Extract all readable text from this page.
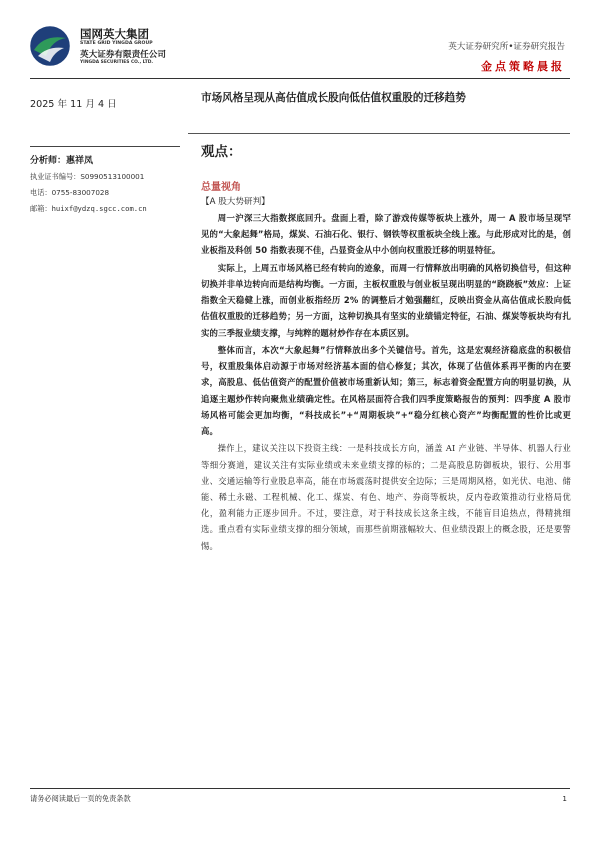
国网英大集团
STATE GRID YINGDA GROUP
英大证券有限责任公司
YINGDA SECURITIES CO., LTD.
英大证券研究所•证券研究报告
金点策略晨报
2025 年 11 月 4 日
市场风格呈现从高估值成长股向低估值权重股的迁移趋势
分析师：惠祥凤
执业证书编号：S0990513100001
电话：0755-83007028
邮箱：huixf@ydzq.sgcc.com.cn
观点：
总量视角
【A 股大势研判】

周一沪深三大指数探底回升。盘面上看，除了游戏传媒等板块上涨外，周一 A 股市场呈现罕见的“大象起舞”格局，煤炭、石油石化、银行、钢铁等权重板块全线上涨。与此形成对比的是，创业板指及科创 50 指数表现不佳，凸显资金从中小创向权重股迁移的明显特征。

实际上，上周五市场风格已经有转向的迹象，而周一行情释放出明确的风格切换信号，但这种切换并非单边转向而是结构均衡。一方面，主板权重股与创业板呈现出明显的“跷跷板”效应：上证指数全天稳健上涨，而创业板指经历 2% 的调整后才勉强翻红，反映出资金从高估值成长股向低估值权重股的迁移趋势；另一方面，这种切换具有坚实的业绩锚定特征，石油、煤炭等板块均有扎实的三季报业绩支撑，与纯粹的题材炒作存在本质区别。

整体而言，本次“大象起舞”行情释放出多个关键信号。首先，这是宏观经济稳底盘的积极信号，权重股集体启动源于市场对经济基本面的信心修复；其次，体现了估值体系再平衡的内在要求，高股息、低估值资产的配置价值被市场重新认知；第三，标志着资金配置方向的明显切换，从追逐主题炒作转向聚焦业绩确定性。在风格层面符合我们四季度策略报告的预判：四季度 A 股市场风格可能会更加均衡，“科技成长”+“周期板块”+“稳分红核心资产”均衡配置的性价比或更高。

操作上，建议关注以下投资主线：一是科技成长方向，涵盖 AI 产业链、半导体、机器人行业等细分赛道，建议关注有实际业绩或未来业绩支撑的标的；二是高股息防御板块，银行、公用事业、交通运输等行业股息率高，能在市场震荡时提供安全边际；三是周期风格，如光伏、电池、储能、稀土永磁、工程机械、化工、煤炭、有色、地产、券商等板块，反内卷政策推动行业格局优化，盈利能力正逐步回升。不过，要注意，对于科技成长这条主线，不能盲目追热点，得精挑细选。重点看有实际业绩支撑的细分领域，而那些前期涨幅较大、但业绩没跟上的概念股，还是要警惕。

请务必阅读最后一页的免责条款	1
